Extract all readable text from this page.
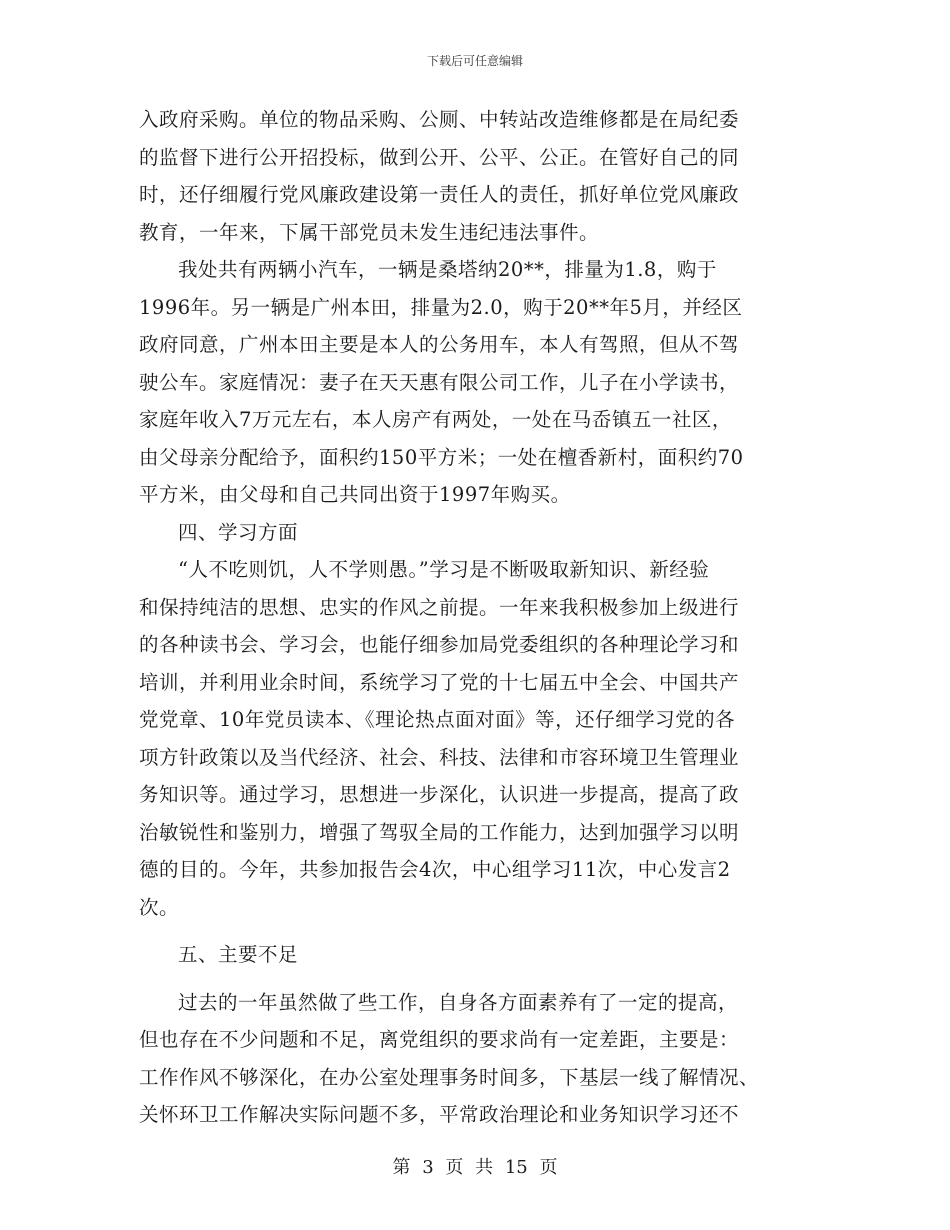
下载后可任意编辑
入政府采购。单位的物品采购、公厕、中转站改造维修都是在局纪委
的监督下进行公开招投标，做到公开、公平、公正。在管好自己的同
时，还仔细履行党风廉政建设第一责任人的责任，抓好单位党风廉政
教育，一年来，下属干部党员未发生违纪违法事件。
我处共有两辆小汽车，一辆是桑塔纳20**，排量为1.8，购于
1996年。另一辆是广州本田，排量为2.0，购于20**年5月，并经区
政府同意，广州本田主要是本人的公务用车，本人有驾照，但从不驾
驶公车。家庭情况：妻子在天天惠有限公司工作，儿子在小学读书，
家庭年收入7万元左右，本人房产有两处，一处在马岙镇五一社区，
由父母亲分配给予，面积约150平方米；一处在檀香新村，面积约70
平方米，由父母和自己共同出资于1997年购买。
四、学习方面
“人不吃则饥，人不学则愚。”学习是不断吸取新知识、新经验
和保持纯洁的思想、忠实的作风之前提。一年来我积极参加上级进行
的各种读书会、学习会，也能仔细参加局党委组织的各种理论学习和
培训，并利用业余时间，系统学习了党的十七届五中全会、中国共产
党党章、10年党员读本、《理论热点面对面》等，还仔细学习党的各
项方针政策以及当代经济、社会、科技、法律和市容环境卫生管理业
务知识等。通过学习，思想进一步深化，认识进一步提高，提高了政
治敏锐性和鉴别力，增强了驾驭全局的工作能力，达到加强学习以明
德的目的。今年，共参加报告会4次，中心组学习11次，中心发言2
次。
五、主要不足
过去的一年虽然做了些工作，自身各方面素养有了一定的提高，
但也存在不少问题和不足，离党组织的要求尚有一定差距，主要是：
工作作风不够深化，在办公室处理事务时间多，下基层一线了解情况、
关怀环卫工作解决实际问题不多，平常政治理论和业务知识学习还不
第 3 页 共 15 页
